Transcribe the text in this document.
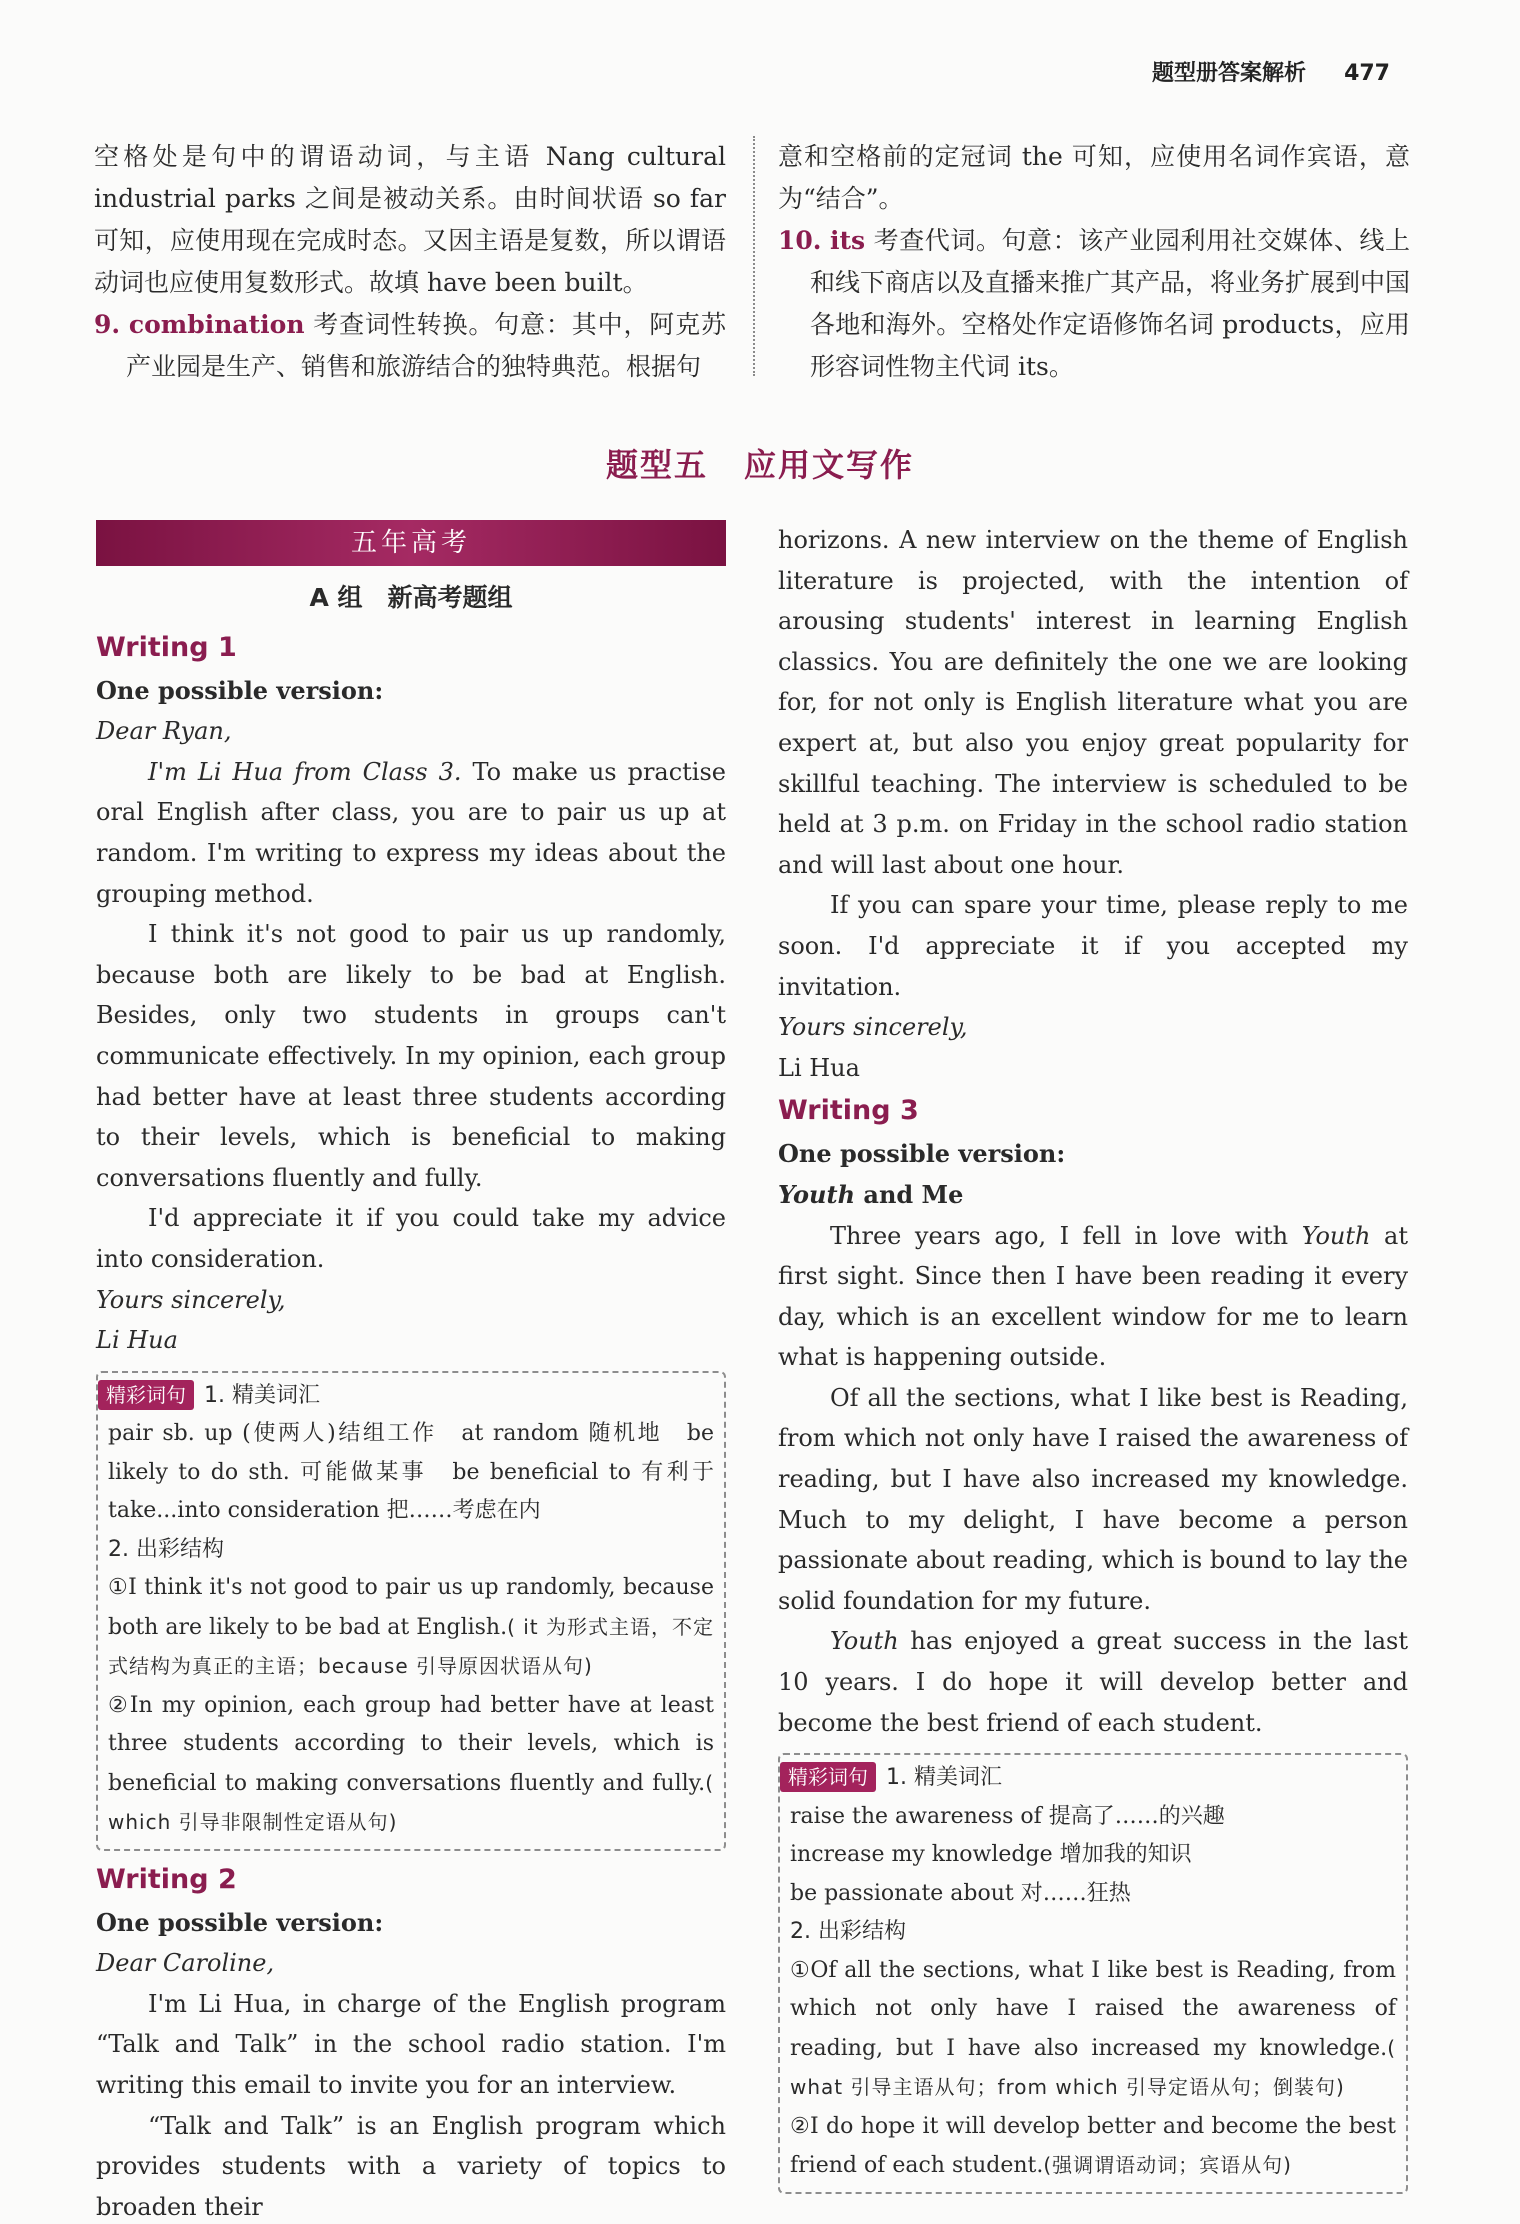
题型册答案解析 477

空格处是句中的谓语动词，与主语 Nang cultural industrial parks 之间是被动关系。由时间状语 so far 可知，应使用现在完成时态。又因主语是复数，所以谓语动词也应使用复数形式。故填 have been built。

9. combination 考查词性转换。句意：其中，阿克苏产业园是生产、销售和旅游结合的独特典范。根据句

意和空格前的定冠词 the 可知，应使用名词作宾语，意为“结合”。

10. its 考查代词。句意：该产业园利用社交媒体、线上和线下商店以及直播来推广其产品，将业务扩展到中国各地和海外。空格处作定语修饰名词 products，应用形容词性物主代词 its。

题型五 应用文写作
五年高考
A 组　新高考题组
Writing 1

One possible version:

Dear Ryan,

I'm Li Hua from Class 3. To make us practise oral English after class, you are to pair us up at random. I'm writing to express my ideas about the grouping method.

I think it's not good to pair us up randomly, because both are likely to be bad at English. Besides, only two students in groups can't communicate effectively. In my opinion, each group had better have at least three students according to their levels, which is beneficial to making conversations fluently and fully.

I'd appreciate it if you could take my advice into consideration.

Yours sincerely,

Li Hua

精彩词句 1. 精美词汇

pair sb. up (使两人)结组工作　at random 随机地　be likely to do sth. 可能做某事　be beneficial to 有利于　take...into consideration 把……考虑在内

2. 出彩结构

①I think it's not good to pair us up randomly, because both are likely to be bad at English.( it 为形式主语，不定式结构为真正的主语；because 引导原因状语从句)

②In my opinion, each group had better have at least three students according to their levels, which is beneficial to making conversations fluently and fully.( which 引导非限制性定语从句)

Writing 2

One possible version:

Dear Caroline,

I'm Li Hua, in charge of the English program “Talk and Talk” in the school radio station. I'm writing this email to invite you for an interview.

“Talk and Talk” is an English program which provides students with a variety of topics to broaden their

horizons. A new interview on the theme of English literature is projected, with the intention of arousing students' interest in learning English classics. You are definitely the one we are looking for, for not only is English literature what you are expert at, but also you enjoy great popularity for skillful teaching. The interview is scheduled to be held at 3 p.m. on Friday in the school radio station and will last about one hour.

If you can spare your time, please reply to me soon. I'd appreciate it if you accepted my invitation.

Yours sincerely,

Li Hua

Writing 3

One possible version:

Youth and Me

Three years ago, I fell in love with Youth at first sight. Since then I have been reading it every day, which is an excellent window for me to learn what is happening outside.

Of all the sections, what I like best is Reading, from which not only have I raised the awareness of reading, but I have also increased my knowledge. Much to my delight, I have become a person passionate about reading, which is bound to lay the solid foundation for my future.

Youth has enjoyed a great success in the last 10 years. I do hope it will develop better and become the best friend of each student.

精彩词句 1. 精美词汇

raise the awareness of 提高了……的兴趣

increase my knowledge 增加我的知识

be passionate about 对……狂热

2. 出彩结构

①Of all the sections, what I like best is Reading, from which not only have I raised the awareness of reading, but I have also increased my knowledge.( what 引导主语从句；from which 引导定语从句；倒装句)

②I do hope it will develop better and become the best friend of each student.(强调谓语动词；宾语从句)
